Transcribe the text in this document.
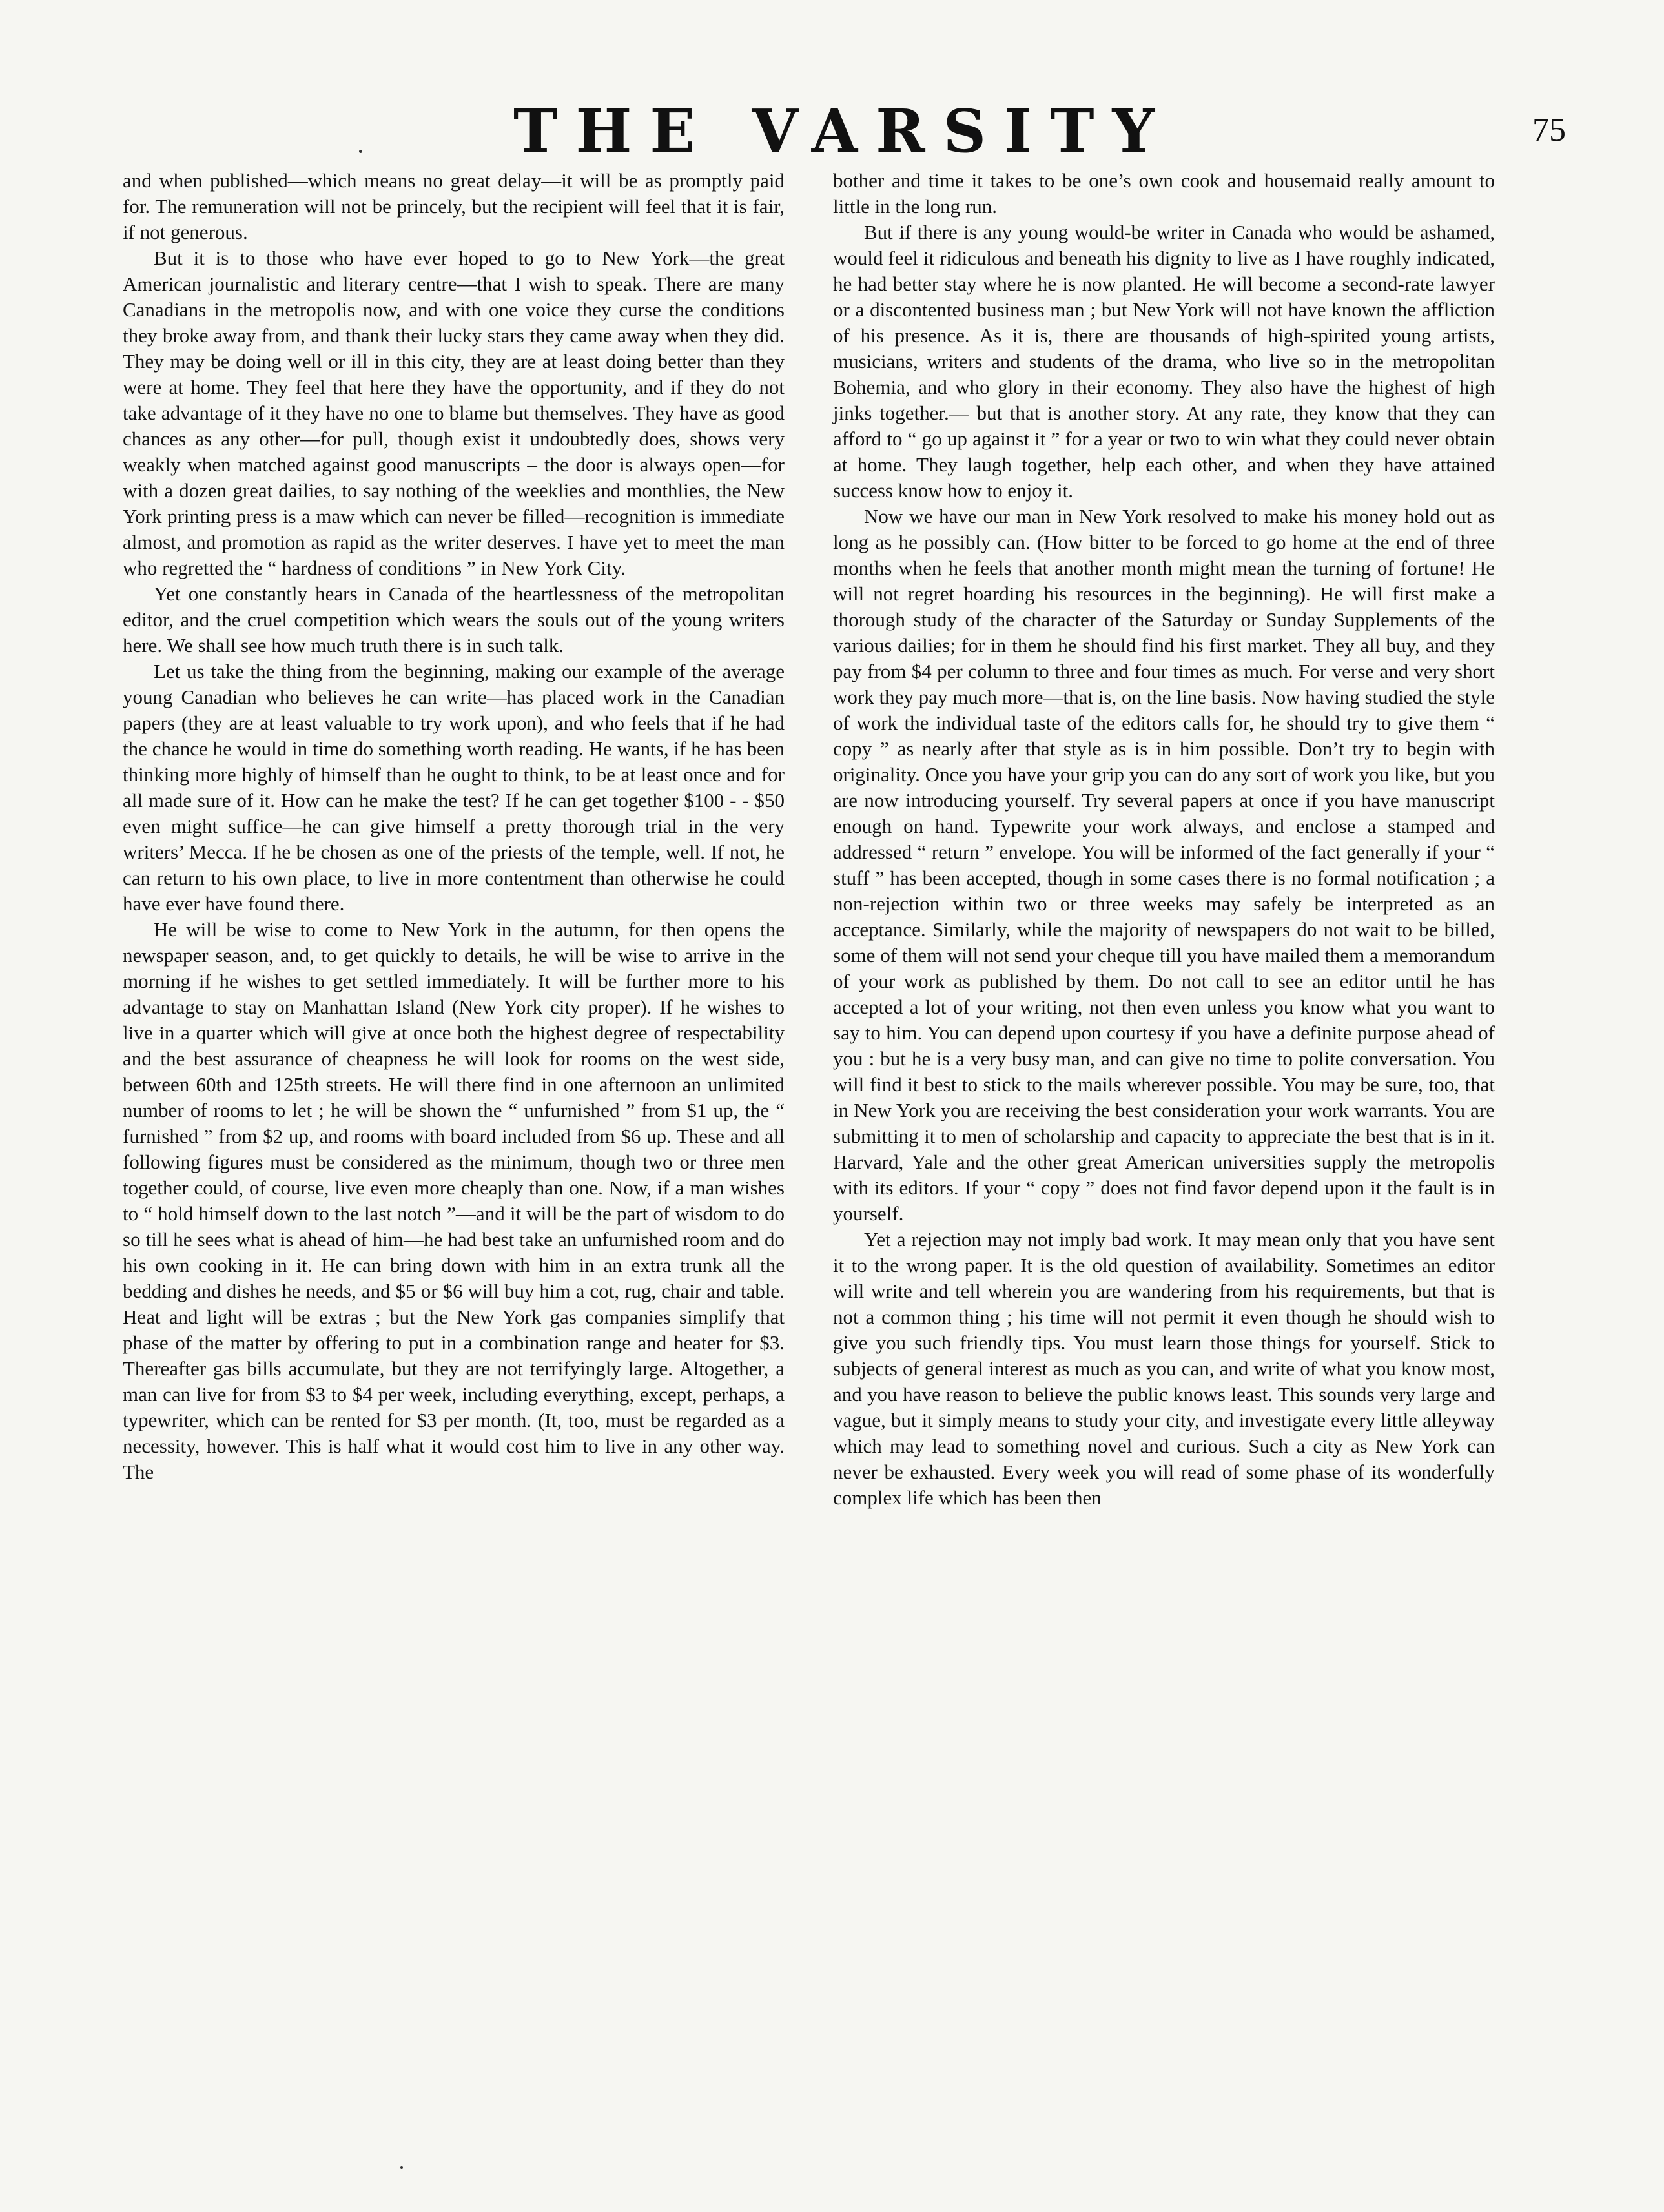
THE VARSITY	75

and when published—which means no great delay—it will be as promptly paid for. The remuneration will not be princely, but the recipient will feel that it is fair, if not generous.

But it is to those who have ever hoped to go to New York—the great American journalistic and literary centre—that I wish to speak. There are many Canadians in the metropolis now, and with one voice they curse the conditions they broke away from, and thank their lucky stars they came away when they did. They may be doing well or ill in this city, they are at least doing better than they were at home. They feel that here they have the opportunity, and if they do not take advantage of it they have no one to blame but themselves. They have as good chances as any other—for pull, though exist it undoubtedly does, shows very weakly when matched against good manuscripts – the door is always open—for with a dozen great dailies, to say nothing of the weeklies and monthlies, the New York printing press is a maw which can never be filled—recognition is immediate almost, and promotion as rapid as the writer deserves. I have yet to meet the man who regretted the “ hardness of conditions ” in New York City.

Yet one constantly hears in Canada of the heartlessness of the metropolitan editor, and the cruel competition which wears the souls out of the young writers here. We shall see how much truth there is in such talk.

Let us take the thing from the beginning, making our example of the average young Canadian who believes he can write—has placed work in the Canadian papers (they are at least valuable to try work upon), and who feels that if he had the chance he would in time do something worth reading. He wants, if he has been thinking more highly of himself than he ought to think, to be at least once and for all made sure of it. How can he make the test? If he can get together $100 - - $50 even might suffice—he can give himself a pretty thorough trial in the very writers’ Mecca. If he be chosen as one of the priests of the temple, well. If not, he can return to his own place, to live in more contentment than otherwise he could have ever have found there.

He will be wise to come to New York in the autumn, for then opens the newspaper season, and, to get quickly to details, he will be wise to arrive in the morning if he wishes to get settled immediately. It will be further more to his advantage to stay on Manhattan Island (New York city proper). If he wishes to live in a quarter which will give at once both the highest degree of respectability and the best assurance of cheapness he will look for rooms on the west side, between 60th and 125th streets. He will there find in one afternoon an unlimited number of rooms to let ; he will be shown the “ unfurnished ” from $1 up, the “ furnished ” from $2 up, and rooms with board included from $6 up. These and all following figures must be considered as the minimum, though two or three men together could, of course, live even more cheaply than one. Now, if a man wishes to “ hold himself down to the last notch ”—and it will be the part of wisdom to do so till he sees what is ahead of him—he had best take an unfurnished room and do his own cooking in it. He can bring down with him in an extra trunk all the bedding and dishes he needs, and $5 or $6 will buy him a cot, rug, chair and table. Heat and light will be extras ; but the New York gas companies simplify that phase of the matter by offering to put in a combination range and heater for $3. Thereafter gas bills accumulate, but they are not terrifyingly large. Altogether, a man can live for from $3 to $4 per week, including everything, except, perhaps, a typewriter, which can be rented for $3 per month. (It, too, must be regarded as a necessity, however. This is half what it would cost him to live in any other way. The

bother and time it takes to be one’s own cook and housemaid really amount to little in the long run.

But if there is any young would-be writer in Canada who would be ashamed, would feel it ridiculous and beneath his dignity to live as I have roughly indicated, he had better stay where he is now planted. He will become a second-rate lawyer or a discontented business man ; but New York will not have known the affliction of his presence. As it is, there are thousands of high-spirited young artists, musicians, writers and students of the drama, who live so in the metropolitan Bohemia, and who glory in their economy. They also have the highest of high jinks together.— but that is another story. At any rate, they know that they can afford to “ go up against it ” for a year or two to win what they could never obtain at home. They laugh together, help each other, and when they have attained success know how to enjoy it.

Now we have our man in New York resolved to make his money hold out as long as he possibly can. (How bitter to be forced to go home at the end of three months when he feels that another month might mean the turning of fortune! He will not regret hoarding his resources in the beginning). He will first make a thorough study of the character of the Saturday or Sunday Supplements of the various dailies; for in them he should find his first market. They all buy, and they pay from $4 per column to three and four times as much. For verse and very short work they pay much more—that is, on the line basis. Now having studied the style of work the individual taste of the editors calls for, he should try to give them “ copy ” as nearly after that style as is in him possible. Don’t try to begin with originality. Once you have your grip you can do any sort of work you like, but you are now introducing yourself. Try several papers at once if you have manuscript enough on hand. Typewrite your work always, and enclose a stamped and addressed “ return ” envelope. You will be informed of the fact generally if your “ stuff ” has been accepted, though in some cases there is no formal notification ; a non-rejection within two or three weeks may safely be interpreted as an acceptance. Similarly, while the majority of newspapers do not wait to be billed, some of them will not send your cheque till you have mailed them a memorandum of your work as published by them. Do not call to see an editor until he has accepted a lot of your writing, not then even unless you know what you want to say to him. You can depend upon courtesy if you have a definite purpose ahead of you : but he is a very busy man, and can give no time to polite conversation. You will find it best to stick to the mails wherever possible. You may be sure, too, that in New York you are receiving the best consideration your work warrants. You are submitting it to men of scholarship and capacity to appreciate the best that is in it. Harvard, Yale and the other great American universities supply the metropolis with its editors. If your “ copy ” does not find favor depend upon it the fault is in yourself.

Yet a rejection may not imply bad work. It may mean only that you have sent it to the wrong paper. It is the old question of availability. Sometimes an editor will write and tell wherein you are wandering from his requirements, but that is not a common thing ; his time will not permit it even though he should wish to give you such friendly tips. You must learn those things for yourself. Stick to subjects of general interest as much as you can, and write of what you know most, and you have reason to believe the public knows least. This sounds very large and vague, but it simply means to study your city, and investigate every little alleyway which may lead to something novel and curious. Such a city as New York can never be exhausted. Every week you will read of some phase of its wonderfully complex life which has been then
